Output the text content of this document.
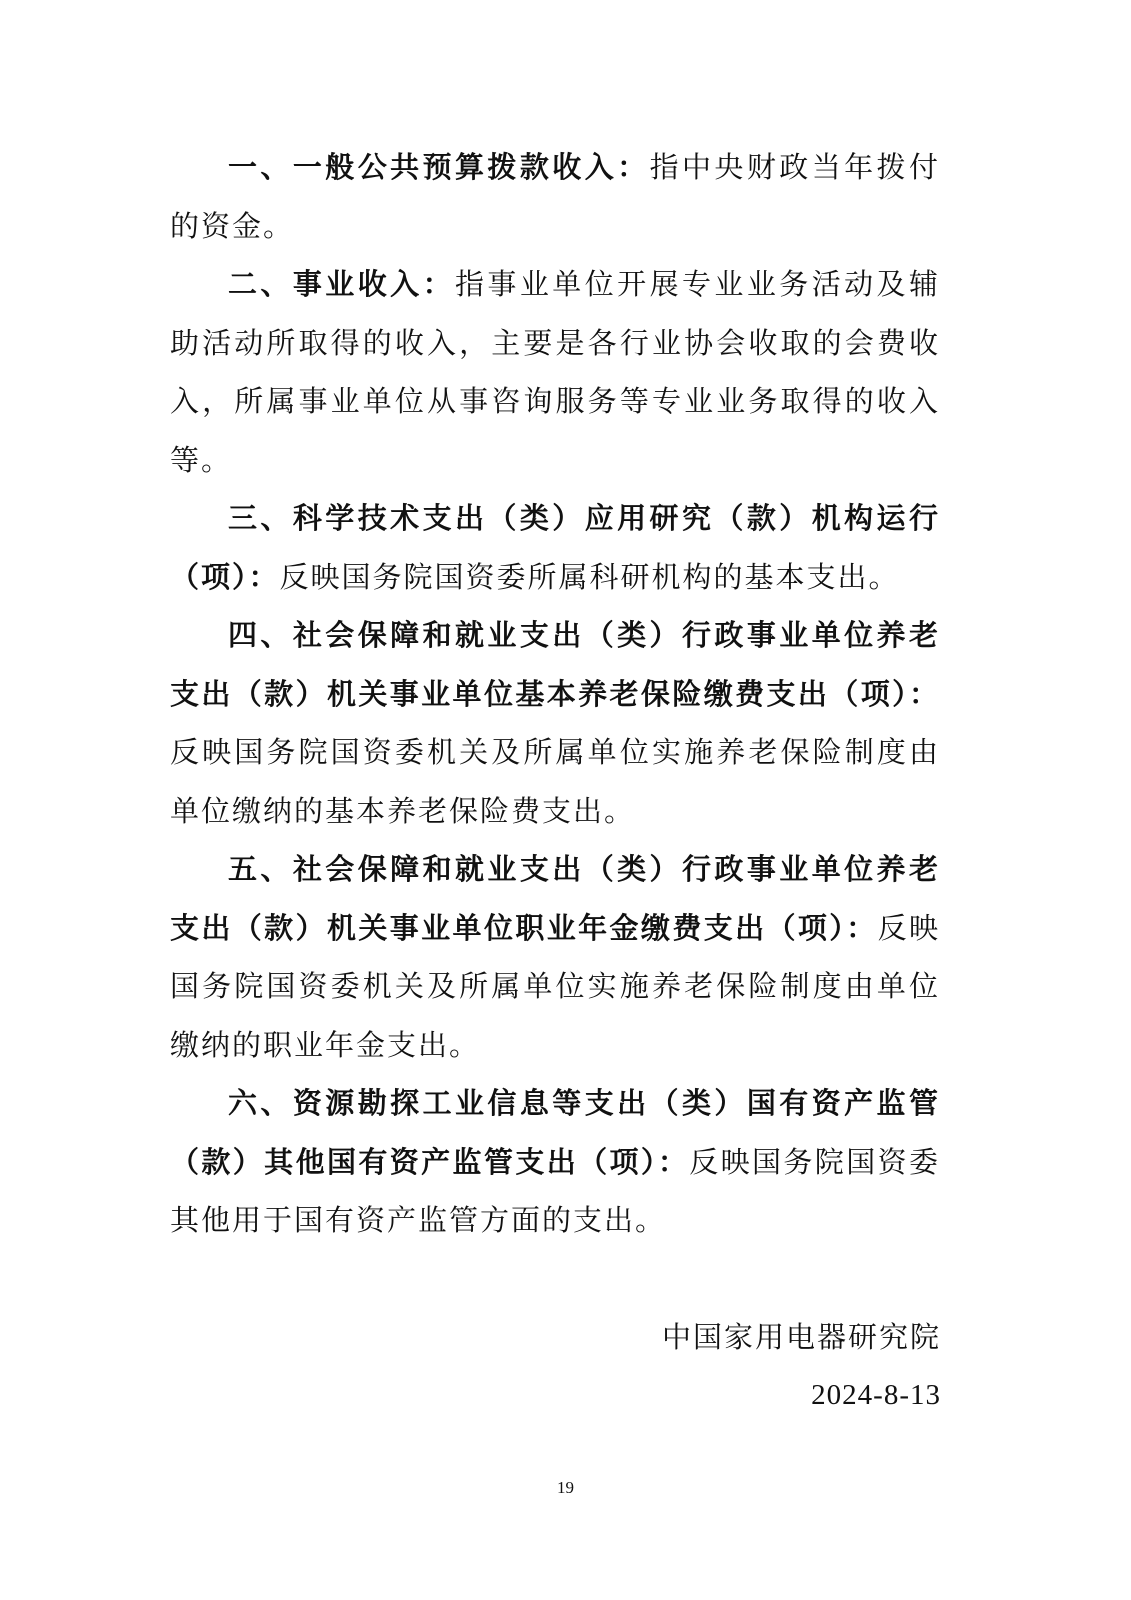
一、一般公共预算拨款收入：指中央财政当年拨付的资金。

二、事业收入：指事业单位开展专业业务活动及辅助活动所取得的收入，主要是各行业协会收取的会费收入，所属事业单位从事咨询服务等专业业务取得的收入等。

三、科学技术支出（类）应用研究（款）机构运行（项）：反映国务院国资委所属科研机构的基本支出。

四、社会保障和就业支出（类）行政事业单位养老支出（款）机关事业单位基本养老保险缴费支出（项）：反映国务院国资委机关及所属单位实施养老保险制度由单位缴纳的基本养老保险费支出。

五、社会保障和就业支出（类）行政事业单位养老支出（款）机关事业单位职业年金缴费支出（项）：反映国务院国资委机关及所属单位实施养老保险制度由单位缴纳的职业年金支出。

六、资源勘探工业信息等支出（类）国有资产监管（款）其他国有资产监管支出（项）：反映国务院国资委其他用于国有资产监管方面的支出。

中国家用电器研究院
2024-8-13
19
